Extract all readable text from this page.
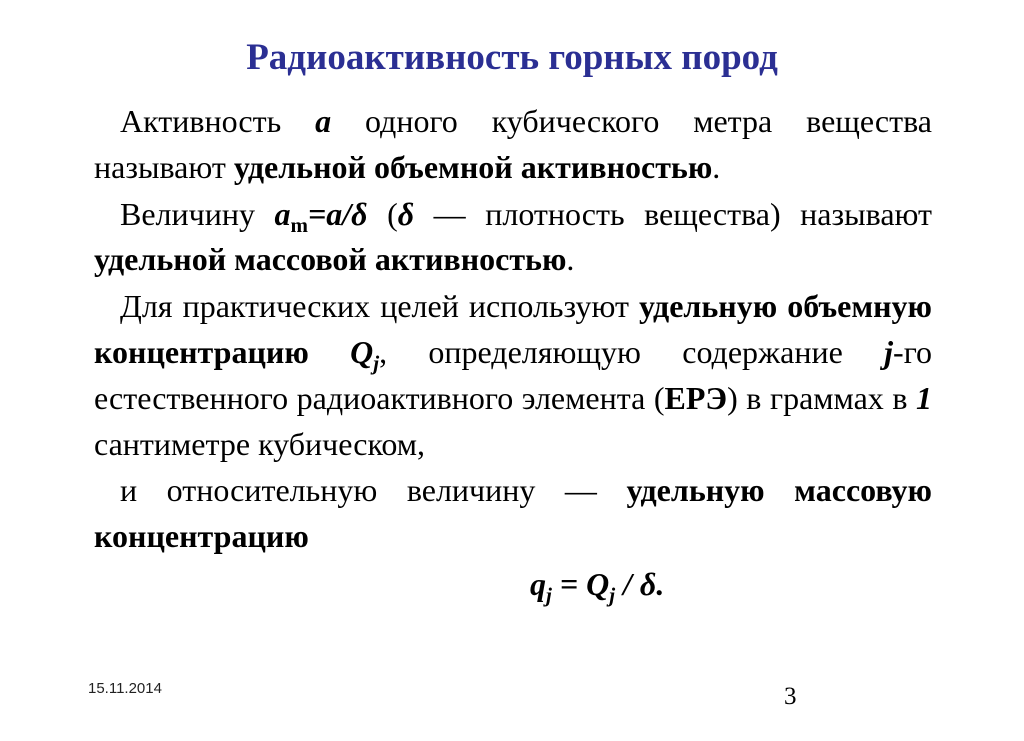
Радиоактивность горных пород

Активность a одного кубического метра вещества называют удельной объемной активностью.

Величину $a_m=a/\delta$ (δ — плотность вещества) называют удельной массовой активностью.

Для практических целей используют удельную объемную концентрацию $Q_j$, определяющую содержание j-го естественного радиоактивного элемента (ЕРЭ) в граммах в 1 сантиметре кубическом,

и относительную величину — удельную массовую концентрацию

$q_j = Q_j / \delta$.
15.11.2014	3
